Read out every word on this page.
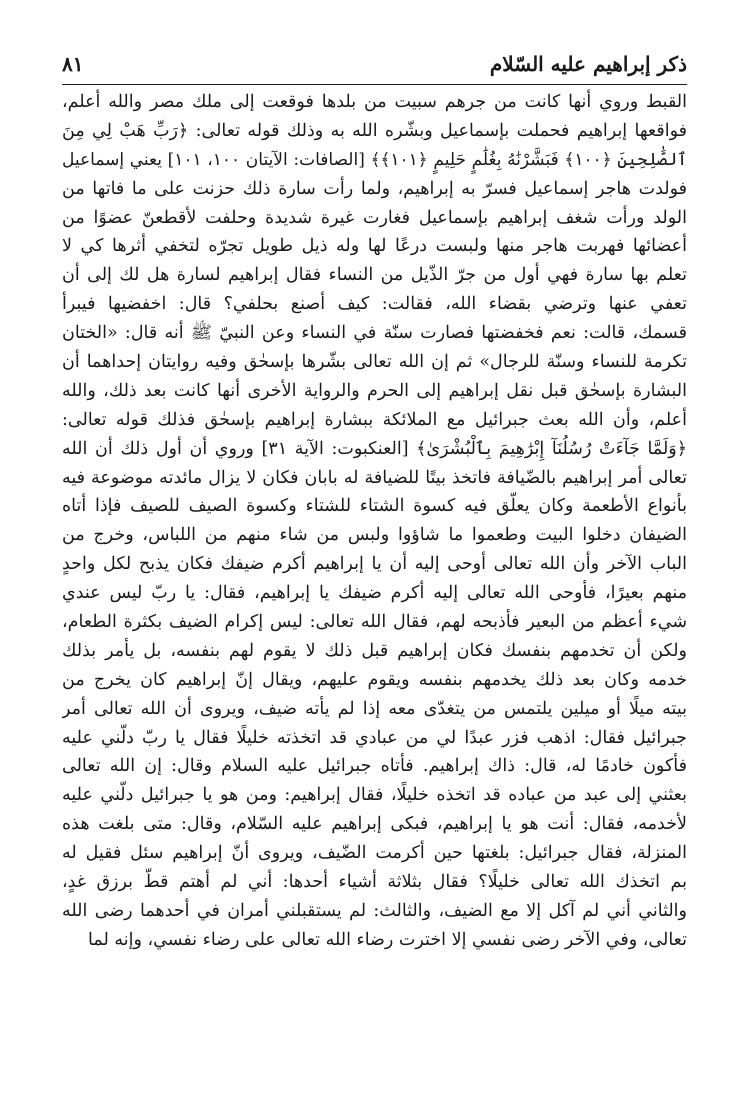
ذكر إبراهيم عليه السّلام
٨١
القبط وروي أنها كانت من جرهم سبيت من بلدها فوقعت إلى ملك مصر والله أعلم،
فواقعها إبراهيم فحملت بإسماعيل وبشّره الله به وذلك قوله تعالى: ﴿رَبِّ هَبْ لِي مِنَ
ٱلصَّٰلِحِينَ ﴿١٠٠﴾ فَبَشَّرْنَٰهُ بِغُلَٰمٍ حَلِيمٍ ﴿١٠١﴾﴾ [الصافات: الآيتان ١٠٠، ١٠١] يعني إسماعيل
فولدت هاجر إسماعيل فسرّ به إبراهيم، ولما رأت سارة ذلك حزنت على ما فاتها من
الولد ورأت شغف إبراهيم بإسماعيل فغارت غيرة شديدة وحلفت لأقطعنّ عضوًا من
أعضائها فهربت هاجر منها ولبست درعًا لها وله ذيل طويل تجرّه لتخفي أثرها كي لا
تعلم بها سارة فهي أول من جرّ الذّيل من النساء فقال إبراهيم لسارة هل لك إلى أن
تعفي عنها وترضي بقضاء الله، فقالت: كيف أصنع بحلفي؟ قال: اخفضيها فيبرأ
قسمك، قالت: نعم فخفضتها فصارت سنّة في النساء وعن النبيّ ﷺ أنه قال: «الختان
تكرمة للنساء وسنّة للرجال» ثم إن الله تعالى بشّرها بإسحٰق وفيه روايتان إحداهما أن
البشارة بإسحٰق قبل نقل إبراهيم إلى الحرم والرواية الأخرى أنها كانت بعد ذلك، والله
أعلم، وأن الله بعث جبرائيل مع الملائكة ببشارة إبراهيم بإسحٰق فذلك قوله تعالى:
﴿وَلَمَّا جَآءَتْ رُسُلُنَآ إِبْرَٰهِيمَ بِٱلْبُشْرَىٰ﴾ [العنكبوت: الآية ٣١] وروي أن أول ذلك أن الله
تعالى أمر إبراهيم بالضّيافة فاتخذ بيتًا للضيافة له بابان فكان لا يزال مائدته موضوعة فيه
بأنواع الأطعمة وكان يعلّق فيه كسوة الشتاء للشتاء وكسوة الصيف للصيف فإذا أتاه
الضيفان دخلوا البيت وطعموا ما شاؤوا ولبس من شاء منهم من اللباس، وخرج من
الباب الآخر وأن الله تعالى أوحى إليه أن يا إبراهيم أكرم ضيفك فكان يذبح لكل واحدٍ
منهم بعيرًا، فأوحى الله تعالى إليه أكرم ضيفك يا إبراهيم، فقال: يا ربّ ليس عندي
شيء أعظم من البعير فأذبحه لهم، فقال الله تعالى: ليس إكرام الضيف بكثرة الطعام،
ولكن أن تخدمهم بنفسك فكان إبراهيم قبل ذلك لا يقوم لهم بنفسه، بل يأمر بذلك
خدمه وكان بعد ذلك يخدمهم بنفسه ويقوم عليهم، ويقال إنّ إبراهيم كان يخرج من
بيته ميلًا أو ميلين يلتمس من يتغدّى معه إذا لم يأته ضيف، ويروى أن الله تعالى أمر
جبرائيل فقال: اذهب فزر عبدًا لي من عبادي قد اتخذته خليلًا فقال يا ربّ دلّني عليه
فأكون خادمًا له، قال: ذاك إبراهيم. فأتاه جبرائيل عليه السلام وقال: إن الله تعالى
بعثني إلى عبد من عباده قد اتخذه خليلًا، فقال إبراهيم: ومن هو يا جبرائيل دلّني عليه
لأخدمه، فقال: أنت هو يا إبراهيم، فبكى إبراهيم عليه السّلام، وقال: متى بلغت هذه
المنزلة، فقال جبرائيل: بلغتها حين أكرمت الضّيف، ويروى أنّ إبراهيم سئل فقيل له
بم اتخذك الله تعالى خليلًا؟ فقال بثلاثة أشياء أحدها: أني لم أهتم قطّ برزق غدٍ،
والثاني أني لم آكل إلا مع الضيف، والثالث: لم يستقبلني أمران في أحدهما رضى الله
تعالى، وفي الآخر رضى نفسي إلا اخترت رضاء الله تعالى على رضاء نفسي، وإنه لما
